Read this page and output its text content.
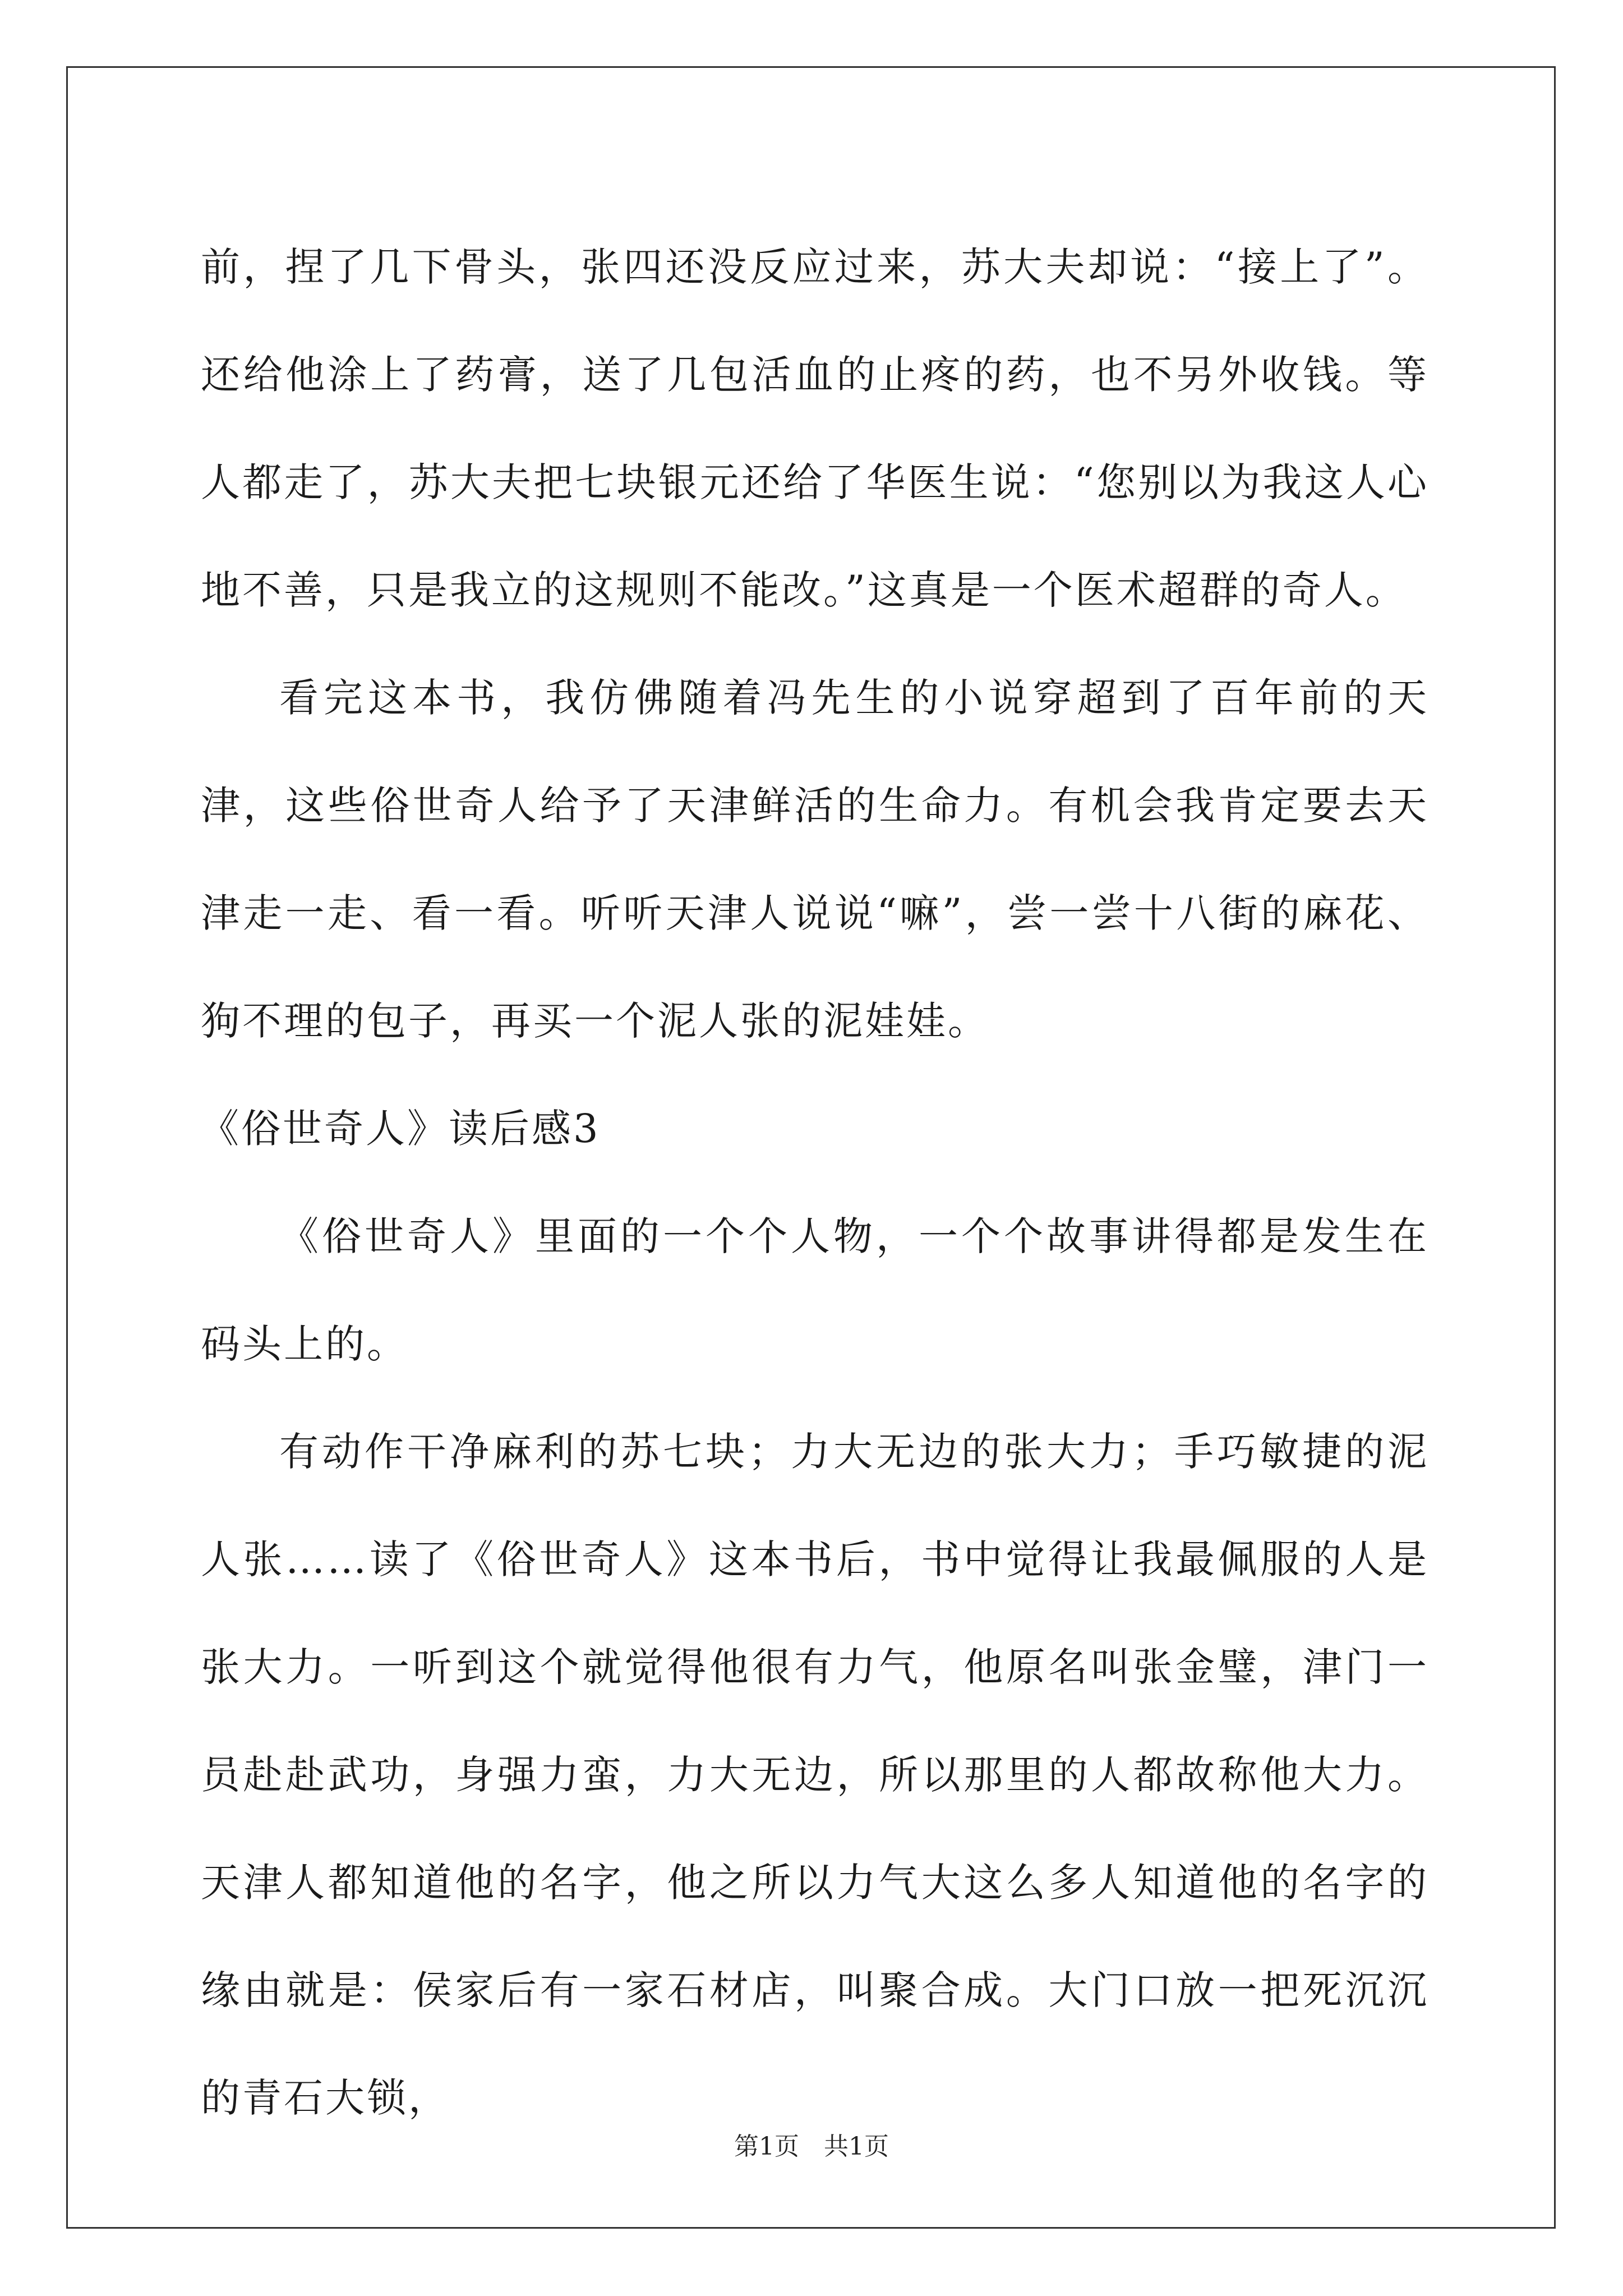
前，捏了几下骨头，张四还没反应过来，苏大夫却说：“接上了”。还给他涂上了药膏，送了几包活血的止疼的药，也不另外收钱。等人都走了，苏大夫把七块银元还给了华医生说：“您别以为我这人心地不善，只是我立的这规则不能改。”这真是一个医术超群的奇人。

看完这本书，我仿佛随着冯先生的小说穿超到了百年前的天津，这些俗世奇人给予了天津鲜活的生命力。有机会我肯定要去天津走一走、看一看。听听天津人说说“嘛”，尝一尝十八街的麻花、狗不理的包子，再买一个泥人张的泥娃娃。

《俗世奇人》读后感3

《俗世奇人》里面的一个个人物，一个个故事讲得都是发生在码头上的。

有动作干净麻利的苏七块；力大无边的张大力；手巧敏捷的泥人张……读了《俗世奇人》这本书后，书中觉得让我最佩服的人是张大力。一听到这个就觉得他很有力气，他原名叫张金璧，津门一员赴赴武功，身强力蛮，力大无边，所以那里的人都故称他大力。天津人都知道他的名字，他之所以力气大这么多人知道他的名字的缘由就是：侯家后有一家石材店，叫聚合成。大门口放一把死沉沉的青石大锁，

第1页　共1页
